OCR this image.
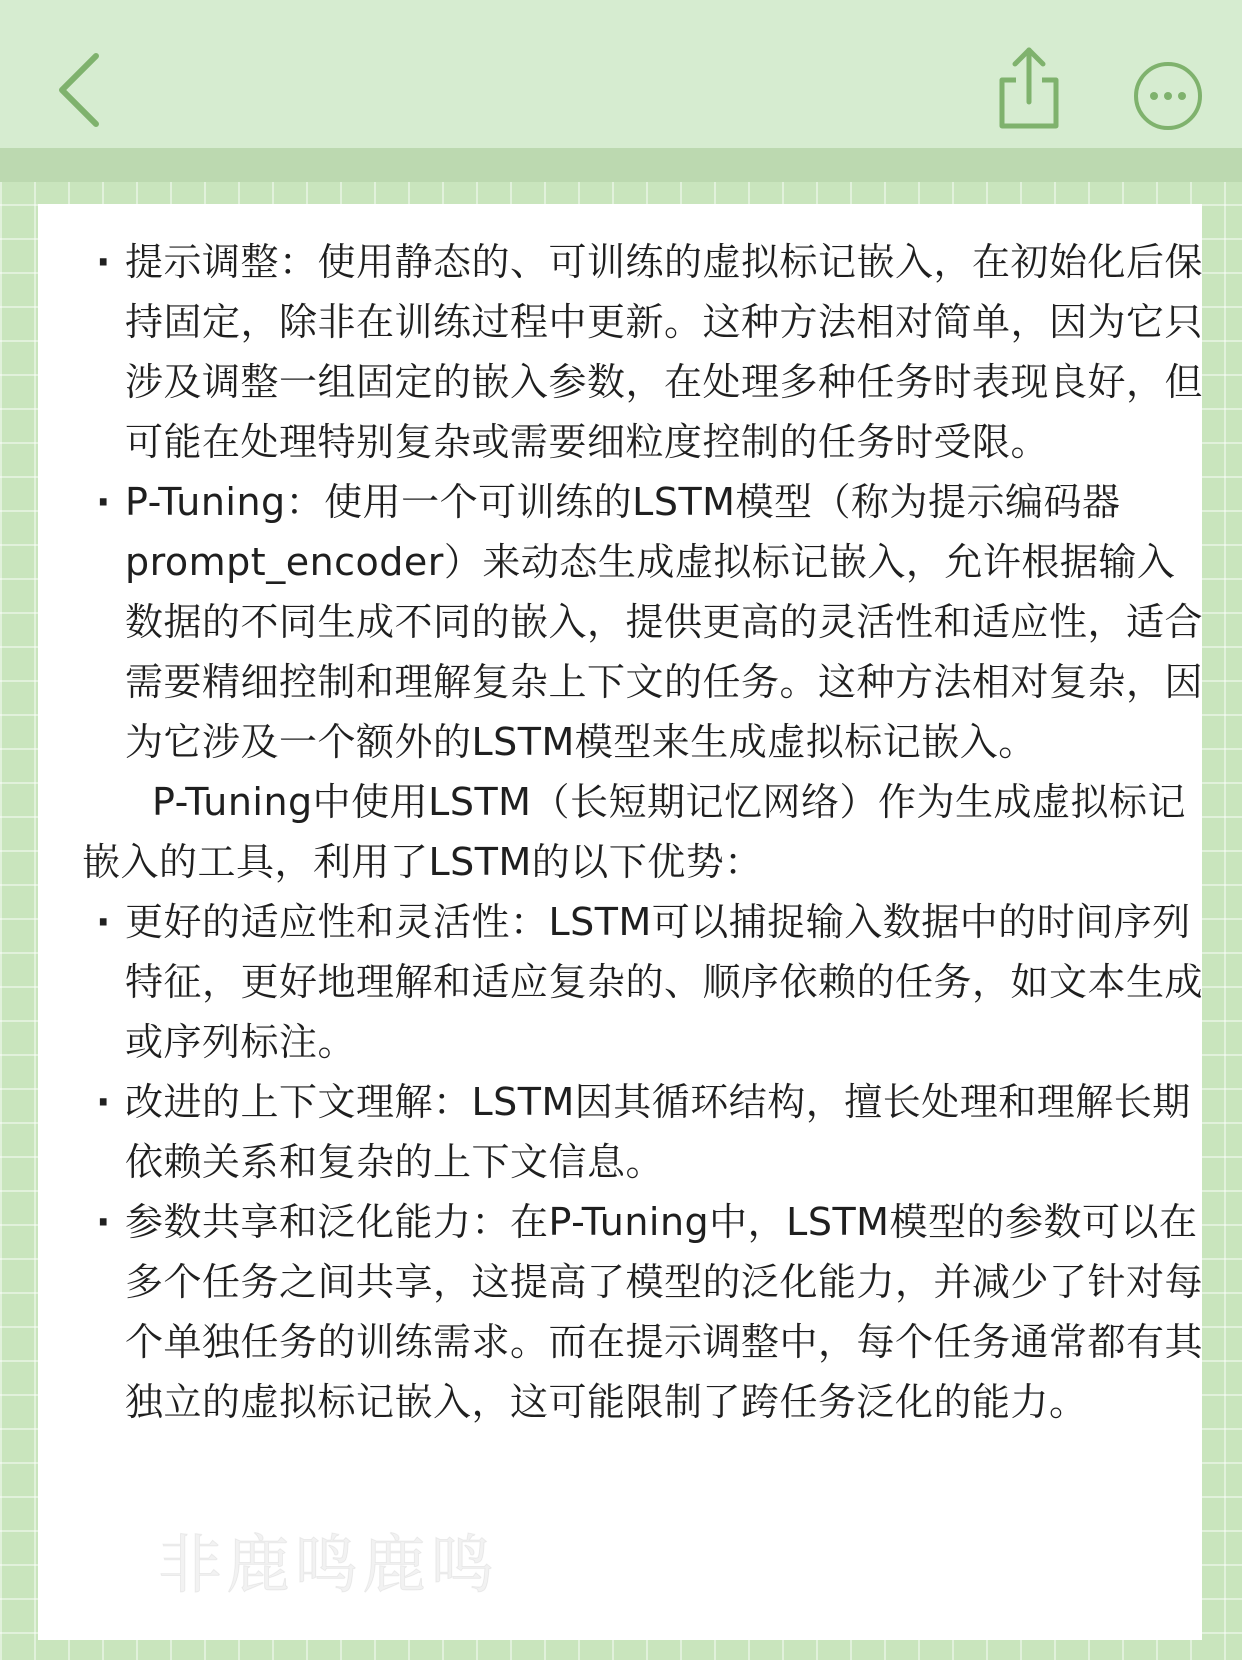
· 提示调整：使用静态的、可训练的虚拟标记嵌入，在初始化后保持固定，除非在训练过程中更新。这种方法相对简单，因为它只涉及调整一组固定的嵌入参数，在处理多种任务时表现良好，但可能在处理特别复杂或需要细粒度控制的任务时受限。
· P-Tuning：使用一个可训练的LSTM模型（称为提示编码器prompt_encoder）来动态生成虚拟标记嵌入，允许根据输入数据的不同生成不同的嵌入，提供更高的灵活性和适应性，适合需要精细控制和理解复杂上下文的任务。这种方法相对复杂，因为它涉及一个额外的LSTM模型来生成虚拟标记嵌入。
P-Tuning中使用LSTM（长短期记忆网络）作为生成虚拟标记嵌入的工具，利用了LSTM的以下优势：
· 更好的适应性和灵活性：LSTM可以捕捉输入数据中的时间序列特征，更好地理解和适应复杂的、顺序依赖的任务，如文本生成或序列标注。
· 改进的上下文理解：LSTM因其循环结构，擅长处理和理解长期依赖关系和复杂的上下文信息。
· 参数共享和泛化能力：在P-Tuning中，LSTM模型的参数可以在多个任务之间共享，这提高了模型的泛化能力，并减少了针对每个单独任务的训练需求。而在提示调整中，每个任务通常都有其独立的虚拟标记嵌入，这可能限制了跨任务泛化的能力。
非鹿鸣鹿鸣
